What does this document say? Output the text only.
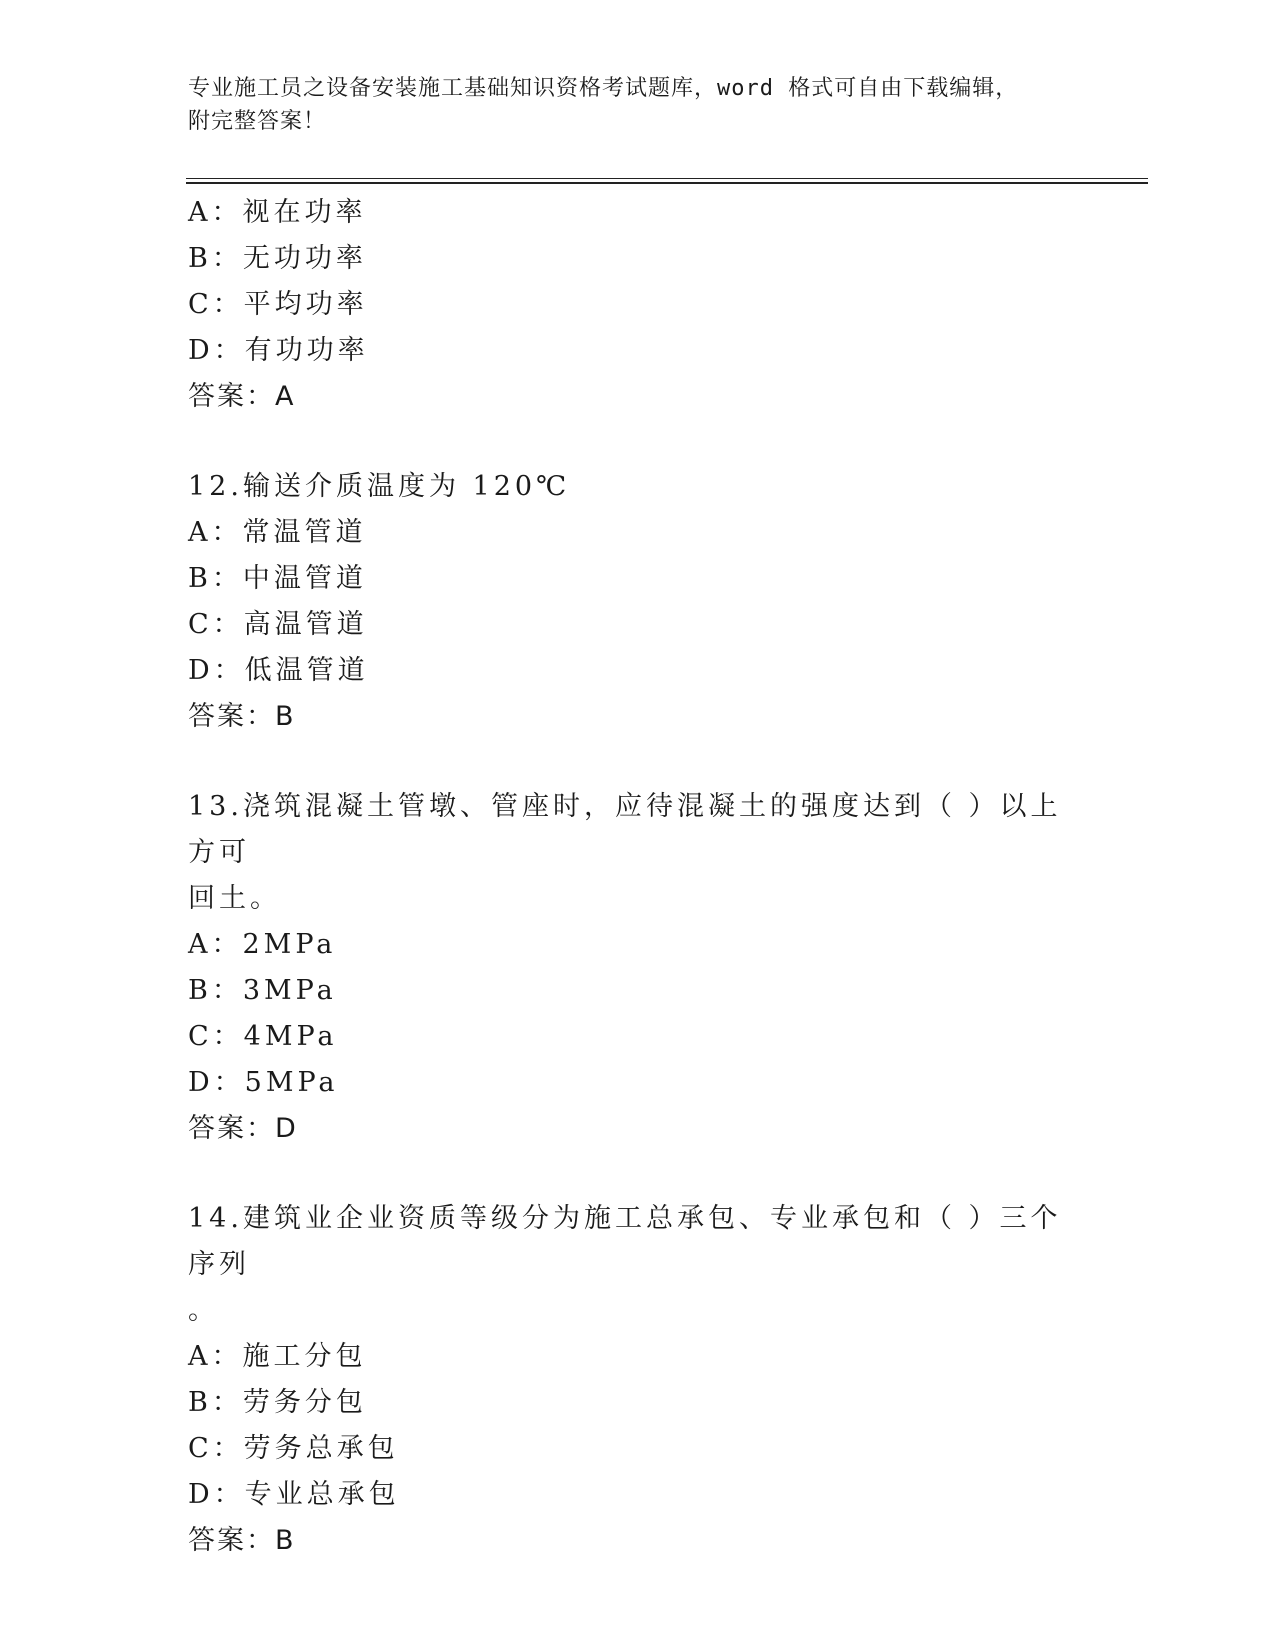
专业施工员之设备安装施工基础知识资格考试题库，word 格式可自由下载编辑，
附完整答案！
A：视在功率
B：无功功率
C：平均功率
D：有功功率
答案：A
12.输送介质温度为 120℃
A：常温管道
B：中温管道
C：高温管道
D：低温管道
答案：B
13.浇筑混凝土管墩、管座时，应待混凝土的强度达到（ ）以上方可
回土。
A：2MPa
B：3MPa
C：4MPa
D：5MPa
答案：D
14.建筑业企业资质等级分为施工总承包、专业承包和（ ）三个序列
。
A：施工分包
B：劳务分包
C：劳务总承包
D：专业总承包
答案：B
